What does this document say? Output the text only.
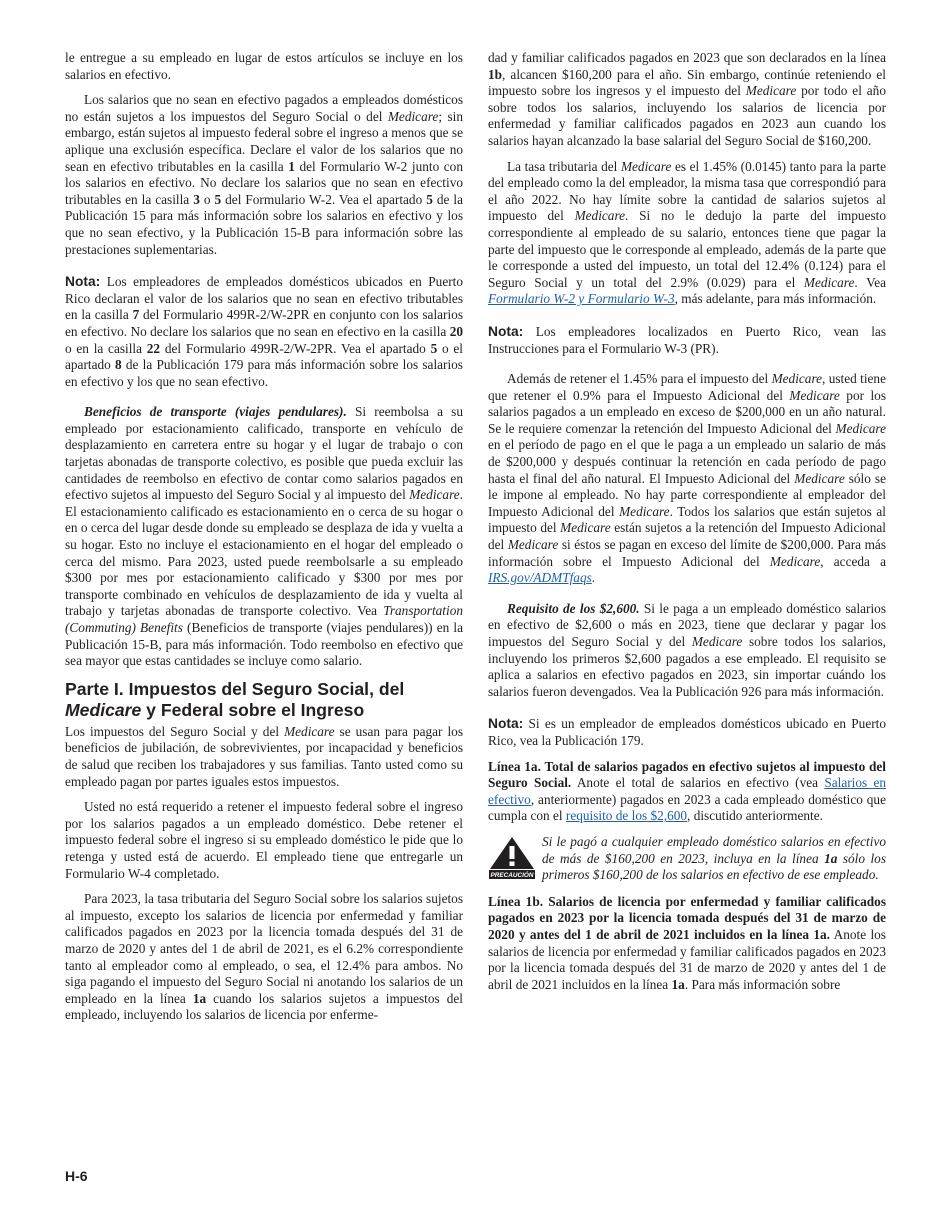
le entregue a su empleado en lugar de estos artículos se incluye en los salarios en efectivo.

Los salarios que no sean en efectivo pagados a empleados domésticos no están sujetos a los impuestos del Seguro Social o del Medicare; sin embargo, están sujetos al impuesto federal sobre el ingreso a menos que se aplique una exclusión específica. Declare el valor de los salarios que no sean en efectivo tributables en la casilla 1 del Formulario W-2 junto con los salarios en efectivo. No declare los salarios que no sean en efectivo tributables en la casilla 3 o 5 del Formulario W-2. Vea el apartado 5 de la Publicación 15 para más información sobre los salarios en efectivo y los que no sean efectivo, y la Publicación 15-B para información sobre las prestaciones suplementarias.

Nota: Los empleadores de empleados domésticos ubicados en Puerto Rico declaran el valor de los salarios que no sean en efectivo tributables en la casilla 7 del Formulario 499R-2/W-2PR en conjunto con los salarios en efectivo. No declare los salarios que no sean en efectivo en la casilla 20 o en la casilla 22 del Formulario 499R-2/W-2PR. Vea el apartado 5 o el apartado 8 de la Publicación 179 para más información sobre los salarios en efectivo y los que no sean efectivo.

Beneficios de transporte (viajes pendulares). Si reembolsa a su empleado por estacionamiento calificado, transporte en vehículo de desplazamiento en carretera entre su hogar y el lugar de trabajo o con tarjetas abonadas de transporte colectivo, es posible que pueda excluir las cantidades de reembolso en efectivo de contar como salarios pagados en efectivo sujetos al impuesto del Seguro Social y al impuesto del Medicare. El estacionamiento calificado es estacionamiento en o cerca de su hogar o en o cerca del lugar desde donde su empleado se desplaza de ida y vuelta a su hogar. Esto no incluye el estacionamiento en el hogar del empleado o cerca del mismo. Para 2023, usted puede reembolsarle a su empleado $300 por mes por estacionamiento calificado y $300 por mes por transporte combinado en vehículos de desplazamiento de ida y vuelta al trabajo y tarjetas abonadas de transporte colectivo. Vea Transportation (Commuting) Benefits (Beneficios de transporte (viajes pendulares)) en la Publicación 15-B, para más información. Todo reembolso en efectivo que sea mayor que estas cantidades se incluye como salario.

Parte I. Impuestos del Seguro Social, del Medicare y Federal sobre el Ingreso

Los impuestos del Seguro Social y del Medicare se usan para pagar los beneficios de jubilación, de sobrevivientes, por incapacidad y beneficios de salud que reciben los trabajadores y sus familias. Tanto usted como su empleado pagan por partes iguales estos impuestos.

Usted no está requerido a retener el impuesto federal sobre el ingreso por los salarios pagados a un empleado doméstico. Debe retener el impuesto federal sobre el ingreso si su empleado doméstico le pide que lo retenga y usted está de acuerdo. El empleado tiene que entregarle un Formulario W-4 completado.

Para 2023, la tasa tributaria del Seguro Social sobre los salarios sujetos al impuesto, excepto los salarios de licencia por enfermedad y familiar calificados pagados en 2023 por la licencia tomada después del 31 de marzo de 2020 y antes del 1 de abril de 2021, es el 6.2% correspondiente tanto al empleador como al empleado, o sea, el 12.4% para ambos. No siga pagando el impuesto del Seguro Social ni anotando los salarios de un empleado en la línea 1a cuando los salarios sujetos a impuestos del empleado, incluyendo los salarios de licencia por enferme-

dad y familiar calificados pagados en 2023 que son declarados en la línea 1b, alcancen $160,200 para el año. Sin embargo, continúe reteniendo el impuesto sobre los ingresos y el impuesto del Medicare por todo el año sobre todos los salarios, incluyendo los salarios de licencia por enfermedad y familiar calificados pagados en 2023 aun cuando los salarios hayan alcanzado la base salarial del Seguro Social de $160,200.

La tasa tributaria del Medicare es el 1.45% (0.0145) tanto para la parte del empleado como la del empleador, la misma tasa que correspondió para el año 2022. No hay límite sobre la cantidad de salarios sujetos al impuesto del Medicare. Si no le dedujo la parte del impuesto correspondiente al empleado de su salario, entonces tiene que pagar la parte del impuesto que le corresponde al empleado, además de la parte que le corresponde a usted del impuesto, un total del 12.4% (0.124) para el Seguro Social y un total del 2.9% (0.029) para el Medicare. Vea Formulario W-2 y Formulario W-3, más adelante, para más información.

Nota: Los empleadores localizados en Puerto Rico, vean las Instrucciones para el Formulario W-3 (PR).

Además de retener el 1.45% para el impuesto del Medicare, usted tiene que retener el 0.9% para el Impuesto Adicional del Medicare por los salarios pagados a un empleado en exceso de $200,000 en un año natural. Se le requiere comenzar la retención del Impuesto Adicional del Medicare en el período de pago en el que le paga a un empleado un salario de más de $200,000 y después continuar la retención en cada período de pago hasta el final del año natural. El Impuesto Adicional del Medicare sólo se le impone al empleado. No hay parte correspondiente al empleador del Impuesto Adicional del Medicare. Todos los salarios que están sujetos al impuesto del Medicare están sujetos a la retención del Impuesto Adicional del Medicare si éstos se pagan en exceso del límite de $200,000. Para más información sobre el Impuesto Adicional del Medicare, acceda a IRS.gov/ADMTfaqs.

Requisito de los $2,600. Si le paga a un empleado doméstico salarios en efectivo de $2,600 o más en 2023, tiene que declarar y pagar los impuestos del Seguro Social y del Medicare sobre todos los salarios, incluyendo los primeros $2,600 pagados a ese empleado. El requisito se aplica a salarios en efectivo pagados en 2023, sin importar cuándo los salarios fueron devengados. Vea la Publicación 926 para más información.

Nota: Si es un empleador de empleados domésticos ubicado en Puerto Rico, vea la Publicación 179.

Línea 1a. Total de salarios pagados en efectivo sujetos al impuesto del Seguro Social. Anote el total de salarios en efectivo (vea Salarios en efectivo, anteriormente) pagados en 2023 a cada empleado doméstico que cumpla con el requisito de los $2,600, discutido anteriormente.

PRECAUCIÓN
Si le pagó a cualquier empleado doméstico salarios en efectivo de más de $160,200 en 2023, incluya en la línea 1a sólo los primeros $160,200 de los salarios en efectivo de ese empleado.

Línea 1b. Salarios de licencia por enfermedad y familiar calificados pagados en 2023 por la licencia tomada después del 31 de marzo de 2020 y antes del 1 de abril de 2021 incluidos en la línea 1a. Anote los salarios de licencia por enfermedad y familiar calificados pagados en 2023 por la licencia tomada después del 31 de marzo de 2020 y antes del 1 de abril de 2021 incluidos en la línea 1a. Para más información sobre

H-6
